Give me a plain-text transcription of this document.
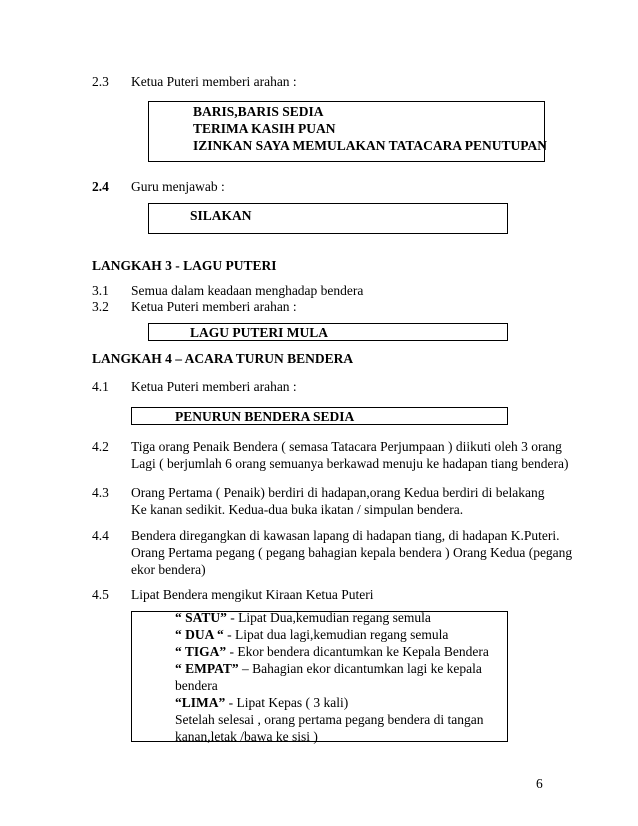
2.3 Ketua Puteri memberi arahan :
BARIS,BARIS SEDIA
TERIMA KASIH PUAN
IZINKAN SAYA MEMULAKAN TATACARA PENUTUPAN
2.4 Guru menjawab :
SILAKAN
LANGKAH 3 - LAGU PUTERI
3.1 Semua dalam keadaan menghadap bendera
3.2 Ketua Puteri memberi arahan :
LAGU PUTERI MULA
LANGKAH 4 – ACARA TURUN BENDERA
4.1 Ketua Puteri memberi arahan :
PENURUN BENDERA SEDIA
4.2 Tiga orang Penaik Bendera ( semasa Tatacara Perjumpaan ) diikuti oleh 3 orang
Lagi ( berjumlah 6 orang semuanya berkawad menuju ke hadapan tiang bendera)
4.3 Orang Pertama ( Penaik) berdiri di hadapan,orang Kedua berdiri di belakang
Ke kanan sedikit. Kedua-dua buka ikatan / simpulan bendera.
4.4 Bendera diregangkan di kawasan lapang di hadapan tiang, di hadapan K.Puteri.
Orang Pertama pegang ( pegang bahagian kepala bendera ) Orang Kedua (pegang
ekor bendera)
4.5 Lipat Bendera mengikut Kiraan Ketua Puteri
“ SATU” - Lipat Dua,kemudian regang semula
“ DUA “ - Lipat dua lagi,kemudian regang semula
“ TIGA” - Ekor bendera dicantumkan ke Kepala Bendera
“ EMPAT” – Bahagian ekor dicantumkan lagi ke kepala
bendera
“LIMA” - Lipat Kepas ( 3 kali)
Setelah selesai , orang pertama pegang bendera di tangan
kanan,letak /bawa ke sisi )
6
